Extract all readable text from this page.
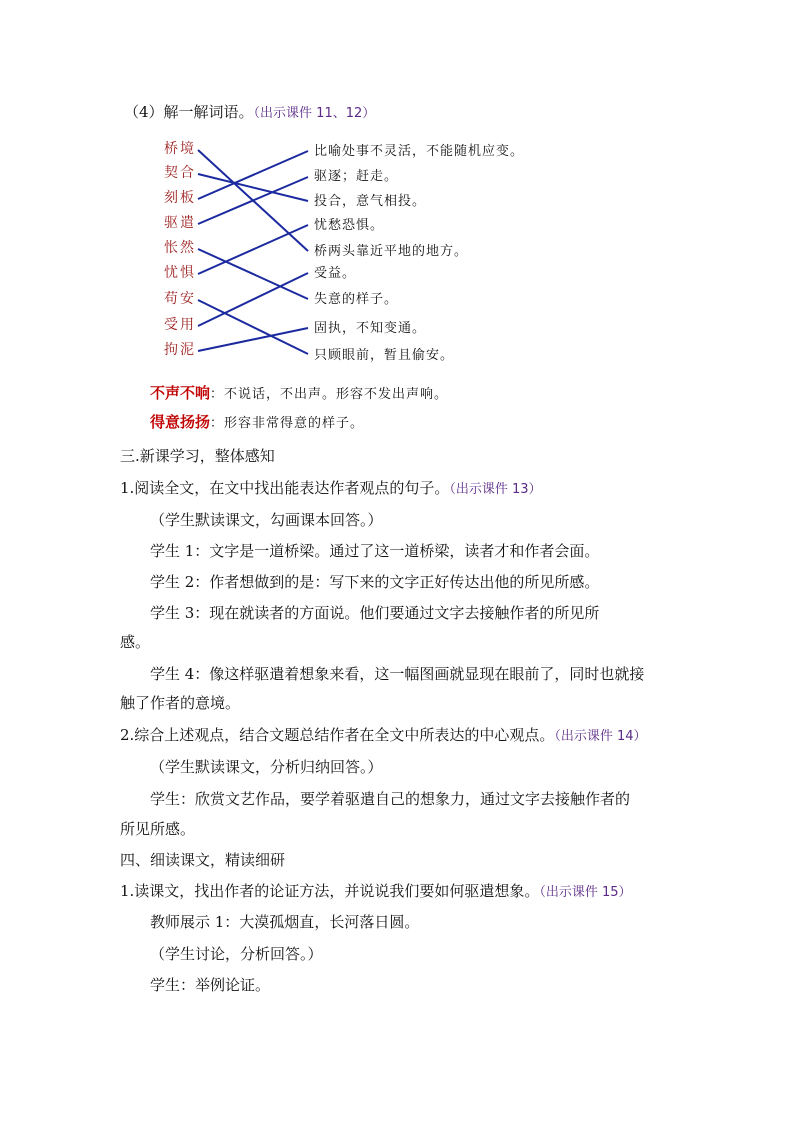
（4）解一解词语。（出示课件 11、12）
桥境
契合
刻板
驱遣
怅然
忧惧
苟安
受用
拘泥
比喻处事不灵活，不能随机应变。
驱逐；赶走。
投合，意气相投。
忧愁恐惧。
桥两头靠近平地的地方。
受益。
失意的样子。
固执，不知变通。
只顾眼前，暂且偷安。
不声不响：不说话，不出声。形容不发出声响。
得意扬扬：形容非常得意的样子。
三.新课学习，整体感知
1.阅读全文，在文中找出能表达作者观点的句子。（出示课件 13）
（学生默读课文，勾画课本回答。）
学生 1：文字是一道桥梁。通过了这一道桥梁，读者才和作者会面。
学生 2：作者想做到的是：写下来的文字正好传达出他的所见所感。
学生 3：现在就读者的方面说。他们要通过文字去接触作者的所见所
感。
学生 4：像这样驱遣着想象来看，这一幅图画就显现在眼前了，同时也就接
触了作者的意境。
2.综合上述观点，结合文题总结作者在全文中所表达的中心观点。（出示课件 14）
（学生默读课文，分析归纳回答。）
学生：欣赏文艺作品，要学着驱遣自己的想象力，通过文字去接触作者的
所见所感。
四、细读课文，精读细研
1.读课文，找出作者的论证方法，并说说我们要如何驱遣想象。（出示课件 15）
教师展示 1：大漠孤烟直，长河落日圆。
（学生讨论，分析回答。）
学生：举例论证。
